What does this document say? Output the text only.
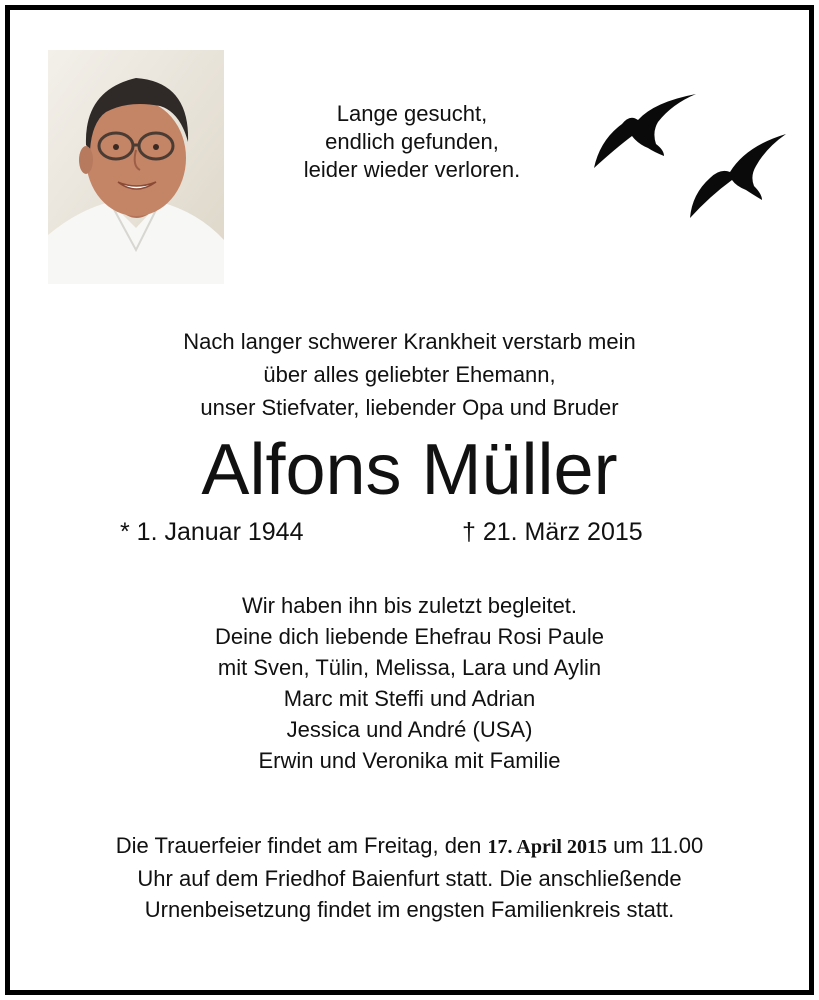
Lange gesucht,
endlich gefunden,
leider wieder verloren.
Nach langer schwerer Krankheit verstarb mein
über alles geliebter Ehemann,
unser Stiefvater, liebender Opa und Bruder
Alfons Müller
* 1. Januar 1944	† 21. März 2015
Wir haben ihn bis zuletzt begleitet.
Deine dich liebende Ehefrau Rosi Paule
mit Sven, Tülin, Melissa, Lara und Aylin
Marc mit Steffi und Adrian
Jessica und André (USA)
Erwin und Veronika mit Familie
Die Trauerfeier findet am Freitag, den 17. April 2015 um 11.00
Uhr auf dem Friedhof Baienfurt statt. Die anschließende
Urnenbeisetzung findet im engsten Familienkreis statt.
